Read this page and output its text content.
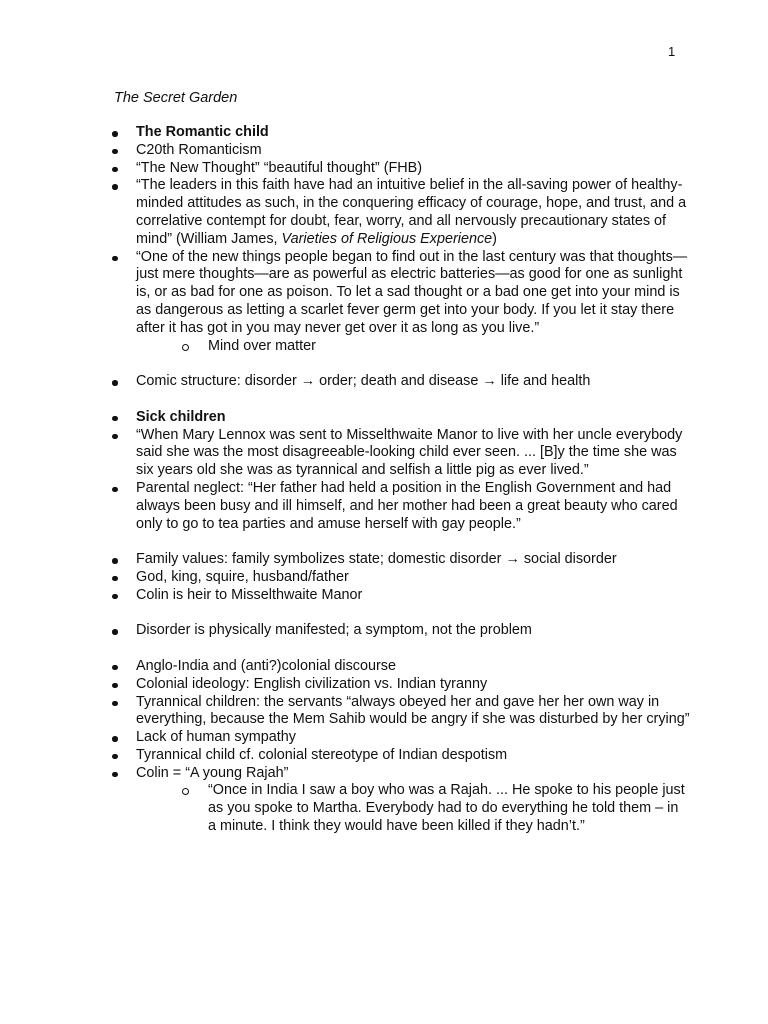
1
The Secret Garden
The Romantic child
C20th Romanticism
“The New Thought” “beautiful thought” (FHB)
“The leaders in this faith have had an intuitive belief in the all-saving power of healthy-minded attitudes as such, in the conquering efficacy of courage, hope, and trust, and a correlative contempt for doubt, fear, worry, and all nervously precautionary states of mind” (William James, Varieties of Religious Experience)
“One of the new things people began to find out in the last century was that thoughts—just mere thoughts—are as powerful as electric batteries—as good for one as sunlight is, or as bad for one as poison. To let a sad thought or a bad one get into your mind is as dangerous as letting a scarlet fever germ get into your body. If you let it stay there after it has got in you may never get over it as long as you live.”
Mind over matter
Comic structure: disorder → order; death and disease → life and health
Sick children
“When Mary Lennox was sent to Misselthwaite Manor to live with her uncle everybody said she was the most disagreeable-looking child ever seen. ... [B]y the time she was six years old she was as tyrannical and selfish a little pig as ever lived.”
Parental neglect: “Her father had held a position in the English Government and had always been busy and ill himself, and her mother had been a great beauty who cared only to go to tea parties and amuse herself with gay people.”
Family values: family symbolizes state; domestic disorder → social disorder
God, king, squire, husband/father
Colin is heir to Misselthwaite Manor
Disorder is physically manifested; a symptom, not the problem
Anglo-India and (anti?)colonial discourse
Colonial ideology: English civilization vs. Indian tyranny
Tyrannical children: the servants “always obeyed her and gave her her own way in everything, because the Mem Sahib would be angry if she was disturbed by her crying”
Lack of human sympathy
Tyrannical child cf. colonial stereotype of Indian despotism
Colin = “A young Rajah”
“Once in India I saw a boy who was a Rajah. ... He spoke to his people just as you spoke to Martha. Everybody had to do everything he told them – in a minute. I think they would have been killed if they hadn’t.”
